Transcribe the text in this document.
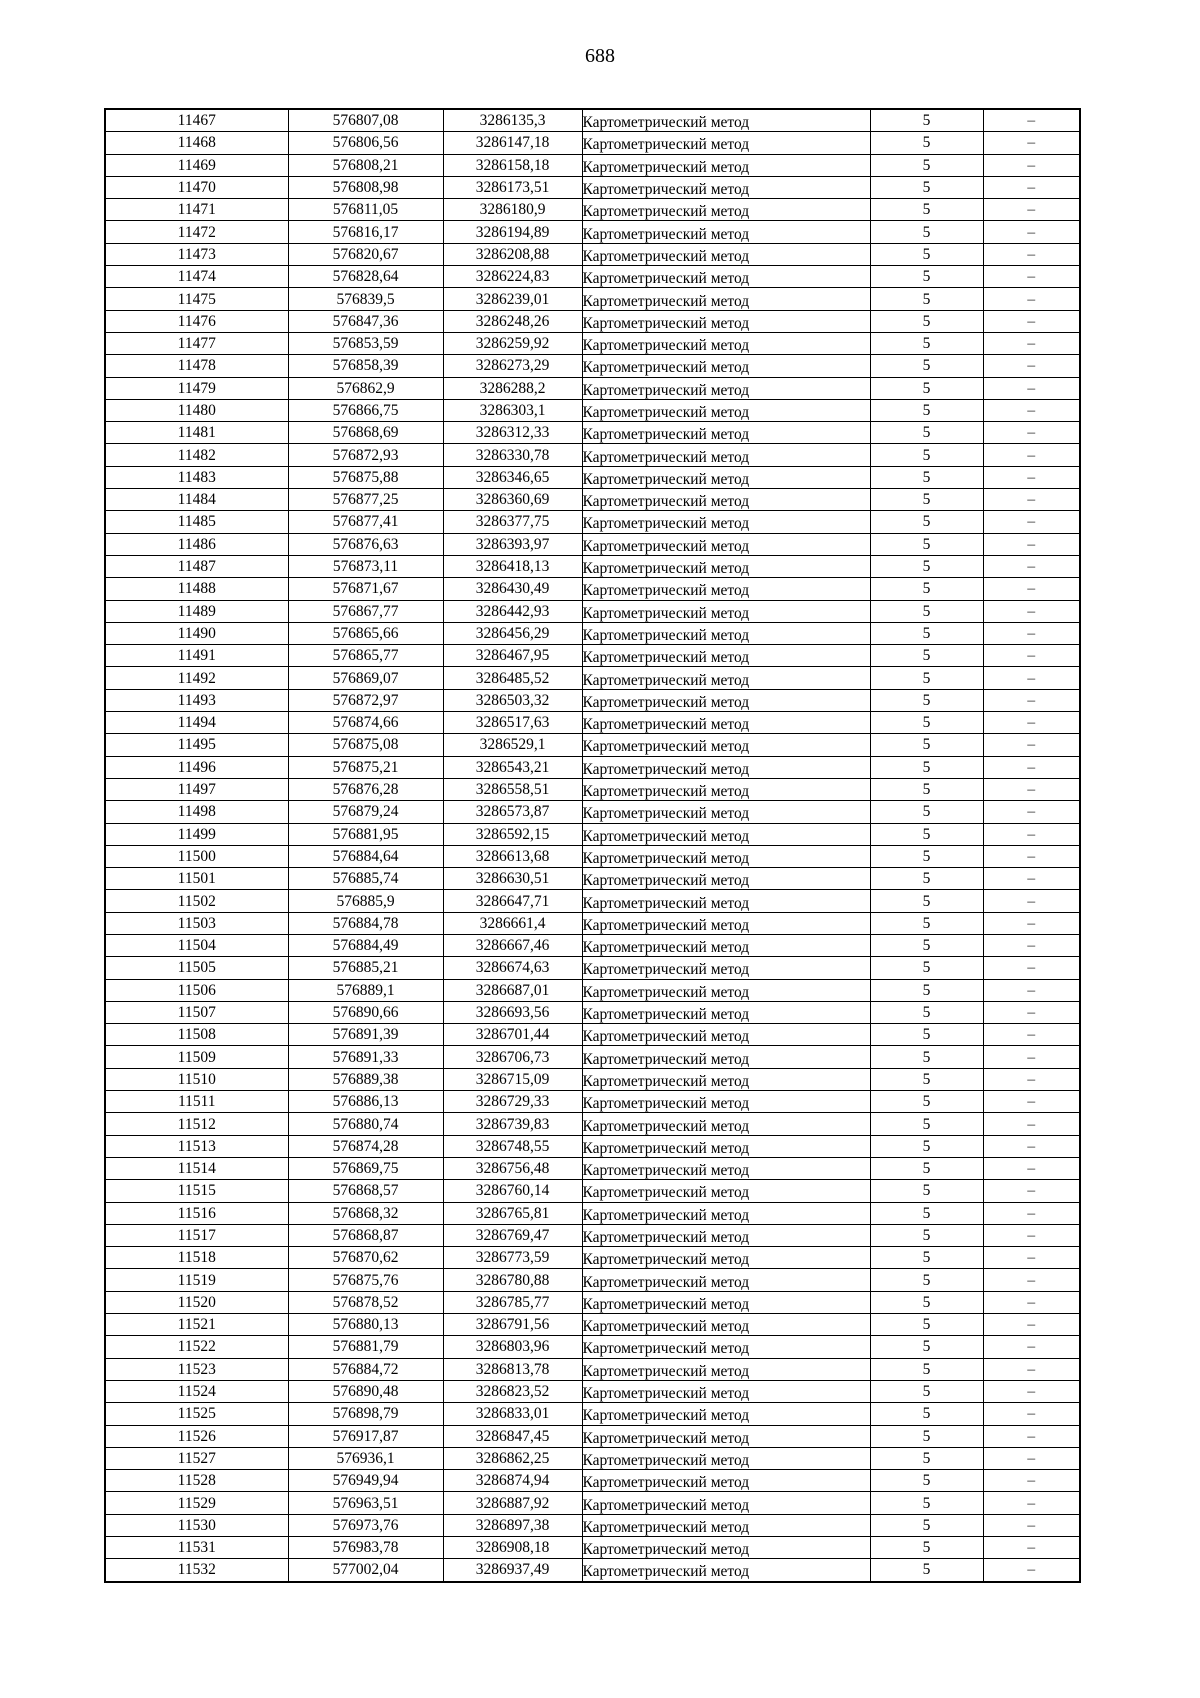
688
11467	576807,08	3286135,3	Картометрический метод	5	–
11468	576806,56	3286147,18	Картометрический метод	5	–
11469	576808,21	3286158,18	Картометрический метод	5	–
11470	576808,98	3286173,51	Картометрический метод	5	–
11471	576811,05	3286180,9	Картометрический метод	5	–
11472	576816,17	3286194,89	Картометрический метод	5	–
11473	576820,67	3286208,88	Картометрический метод	5	–
11474	576828,64	3286224,83	Картометрический метод	5	–
11475	576839,5	3286239,01	Картометрический метод	5	–
11476	576847,36	3286248,26	Картометрический метод	5	–
11477	576853,59	3286259,92	Картометрический метод	5	–
11478	576858,39	3286273,29	Картометрический метод	5	–
11479	576862,9	3286288,2	Картометрический метод	5	–
11480	576866,75	3286303,1	Картометрический метод	5	–
11481	576868,69	3286312,33	Картометрический метод	5	–
11482	576872,93	3286330,78	Картометрический метод	5	–
11483	576875,88	3286346,65	Картометрический метод	5	–
11484	576877,25	3286360,69	Картометрический метод	5	–
11485	576877,41	3286377,75	Картометрический метод	5	–
11486	576876,63	3286393,97	Картометрический метод	5	–
11487	576873,11	3286418,13	Картометрический метод	5	–
11488	576871,67	3286430,49	Картометрический метод	5	–
11489	576867,77	3286442,93	Картометрический метод	5	–
11490	576865,66	3286456,29	Картометрический метод	5	–
11491	576865,77	3286467,95	Картометрический метод	5	–
11492	576869,07	3286485,52	Картометрический метод	5	–
11493	576872,97	3286503,32	Картометрический метод	5	–
11494	576874,66	3286517,63	Картометрический метод	5	–
11495	576875,08	3286529,1	Картометрический метод	5	–
11496	576875,21	3286543,21	Картометрический метод	5	–
11497	576876,28	3286558,51	Картометрический метод	5	–
11498	576879,24	3286573,87	Картометрический метод	5	–
11499	576881,95	3286592,15	Картометрический метод	5	–
11500	576884,64	3286613,68	Картометрический метод	5	–
11501	576885,74	3286630,51	Картометрический метод	5	–
11502	576885,9	3286647,71	Картометрический метод	5	–
11503	576884,78	3286661,4	Картометрический метод	5	–
11504	576884,49	3286667,46	Картометрический метод	5	–
11505	576885,21	3286674,63	Картометрический метод	5	–
11506	576889,1	3286687,01	Картометрический метод	5	–
11507	576890,66	3286693,56	Картометрический метод	5	–
11508	576891,39	3286701,44	Картометрический метод	5	–
11509	576891,33	3286706,73	Картометрический метод	5	–
11510	576889,38	3286715,09	Картометрический метод	5	–
11511	576886,13	3286729,33	Картометрический метод	5	–
11512	576880,74	3286739,83	Картометрический метод	5	–
11513	576874,28	3286748,55	Картометрический метод	5	–
11514	576869,75	3286756,48	Картометрический метод	5	–
11515	576868,57	3286760,14	Картометрический метод	5	–
11516	576868,32	3286765,81	Картометрический метод	5	–
11517	576868,87	3286769,47	Картометрический метод	5	–
11518	576870,62	3286773,59	Картометрический метод	5	–
11519	576875,76	3286780,88	Картометрический метод	5	–
11520	576878,52	3286785,77	Картометрический метод	5	–
11521	576880,13	3286791,56	Картометрический метод	5	–
11522	576881,79	3286803,96	Картометрический метод	5	–
11523	576884,72	3286813,78	Картометрический метод	5	–
11524	576890,48	3286823,52	Картометрический метод	5	–
11525	576898,79	3286833,01	Картометрический метод	5	–
11526	576917,87	3286847,45	Картометрический метод	5	–
11527	576936,1	3286862,25	Картометрический метод	5	–
11528	576949,94	3286874,94	Картометрический метод	5	–
11529	576963,51	3286887,92	Картометрический метод	5	–
11530	576973,76	3286897,38	Картометрический метод	5	–
11531	576983,78	3286908,18	Картометрический метод	5	–
11532	577002,04	3286937,49	Картометрический метод	5	–
